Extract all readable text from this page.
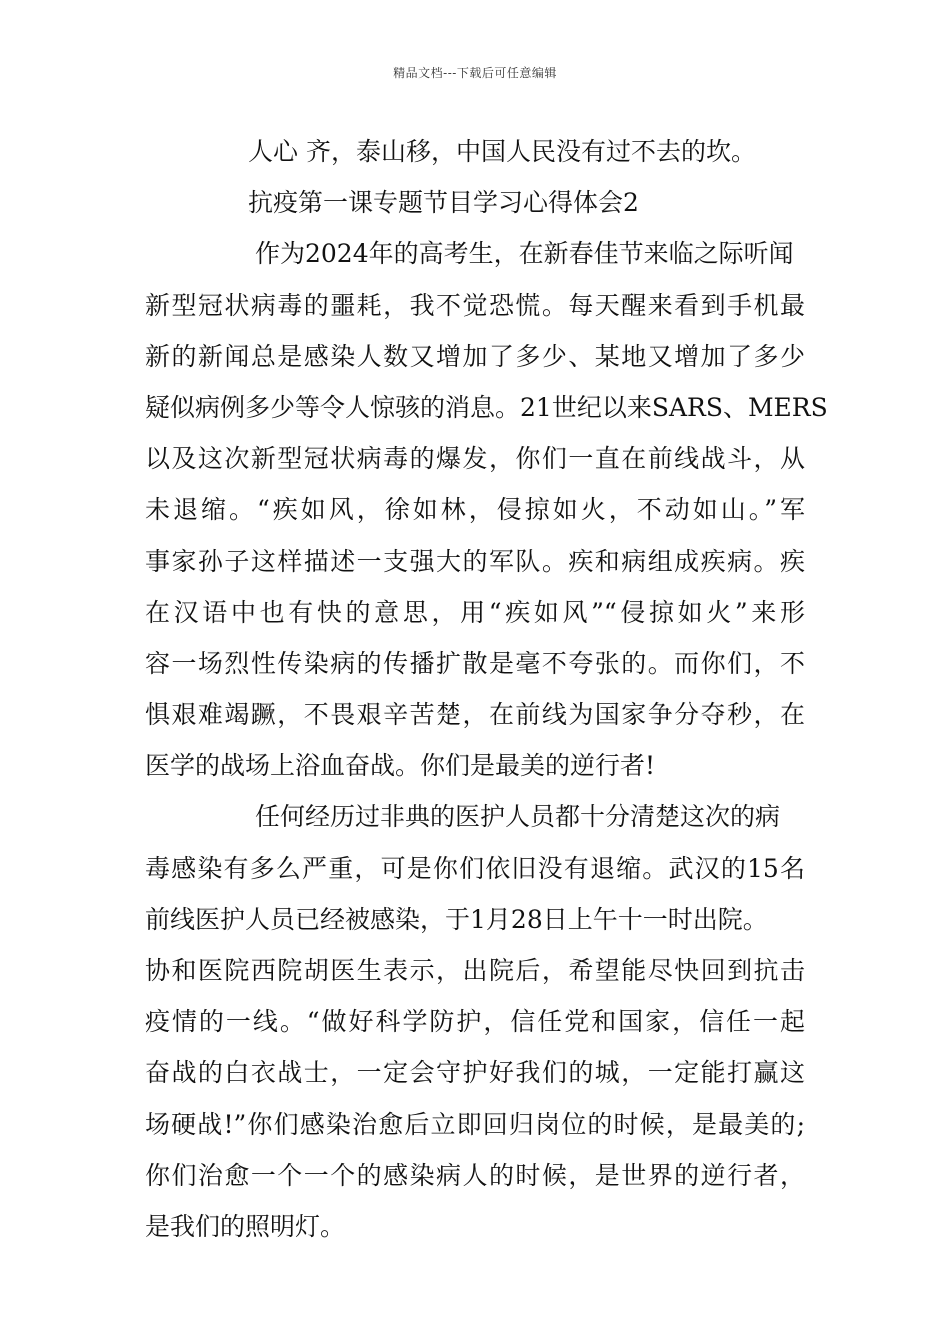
精品文档---下载后可任意编辑
人心 齐，泰山移，中国人民没有过不去的坎。
抗疫第一课专题节目学习心得体会2
作为2024年的高考生，在新春佳节来临之际听闻
新型冠状病毒的噩耗，我不觉恐慌。每天醒来看到手机最
新的新闻总是感染人数又增加了多少、某地又增加了多少
疑似病例多少等令人惊骇的消息。21世纪以来SARS、MERS
以及这次新型冠状病毒的爆发，你们一直在前线战斗，从
未退缩。“疾如风，徐如林，侵掠如火，不动如山。”军
事家孙子这样描述一支强大的军队。疾和病组成疾病。疾
在汉语中也有快的意思，用“疾如风”“侵掠如火”来形
容一场烈性传染病的传播扩散是毫不夸张的。而你们，不
惧艰难竭蹶，不畏艰辛苦楚，在前线为国家争分夺秒，在
医学的战场上浴血奋战。你们是最美的逆行者!
任何经历过非典的医护人员都十分清楚这次的病
毒感染有多么严重，可是你们依旧没有退缩。武汉的15名
前线医护人员已经被感染，于1月28日上午十一时出院。
协和医院西院胡医生表示，出院后，希望能尽快回到抗击
疫情的一线。“做好科学防护，信任党和国家，信任一起
奋战的白衣战士，一定会守护好我们的城，一定能打赢这
场硬战!”你们感染治愈后立即回归岗位的时候，是最美的;
你们治愈一个一个的感染病人的时候，是世界的逆行者，
是我们的照明灯。
